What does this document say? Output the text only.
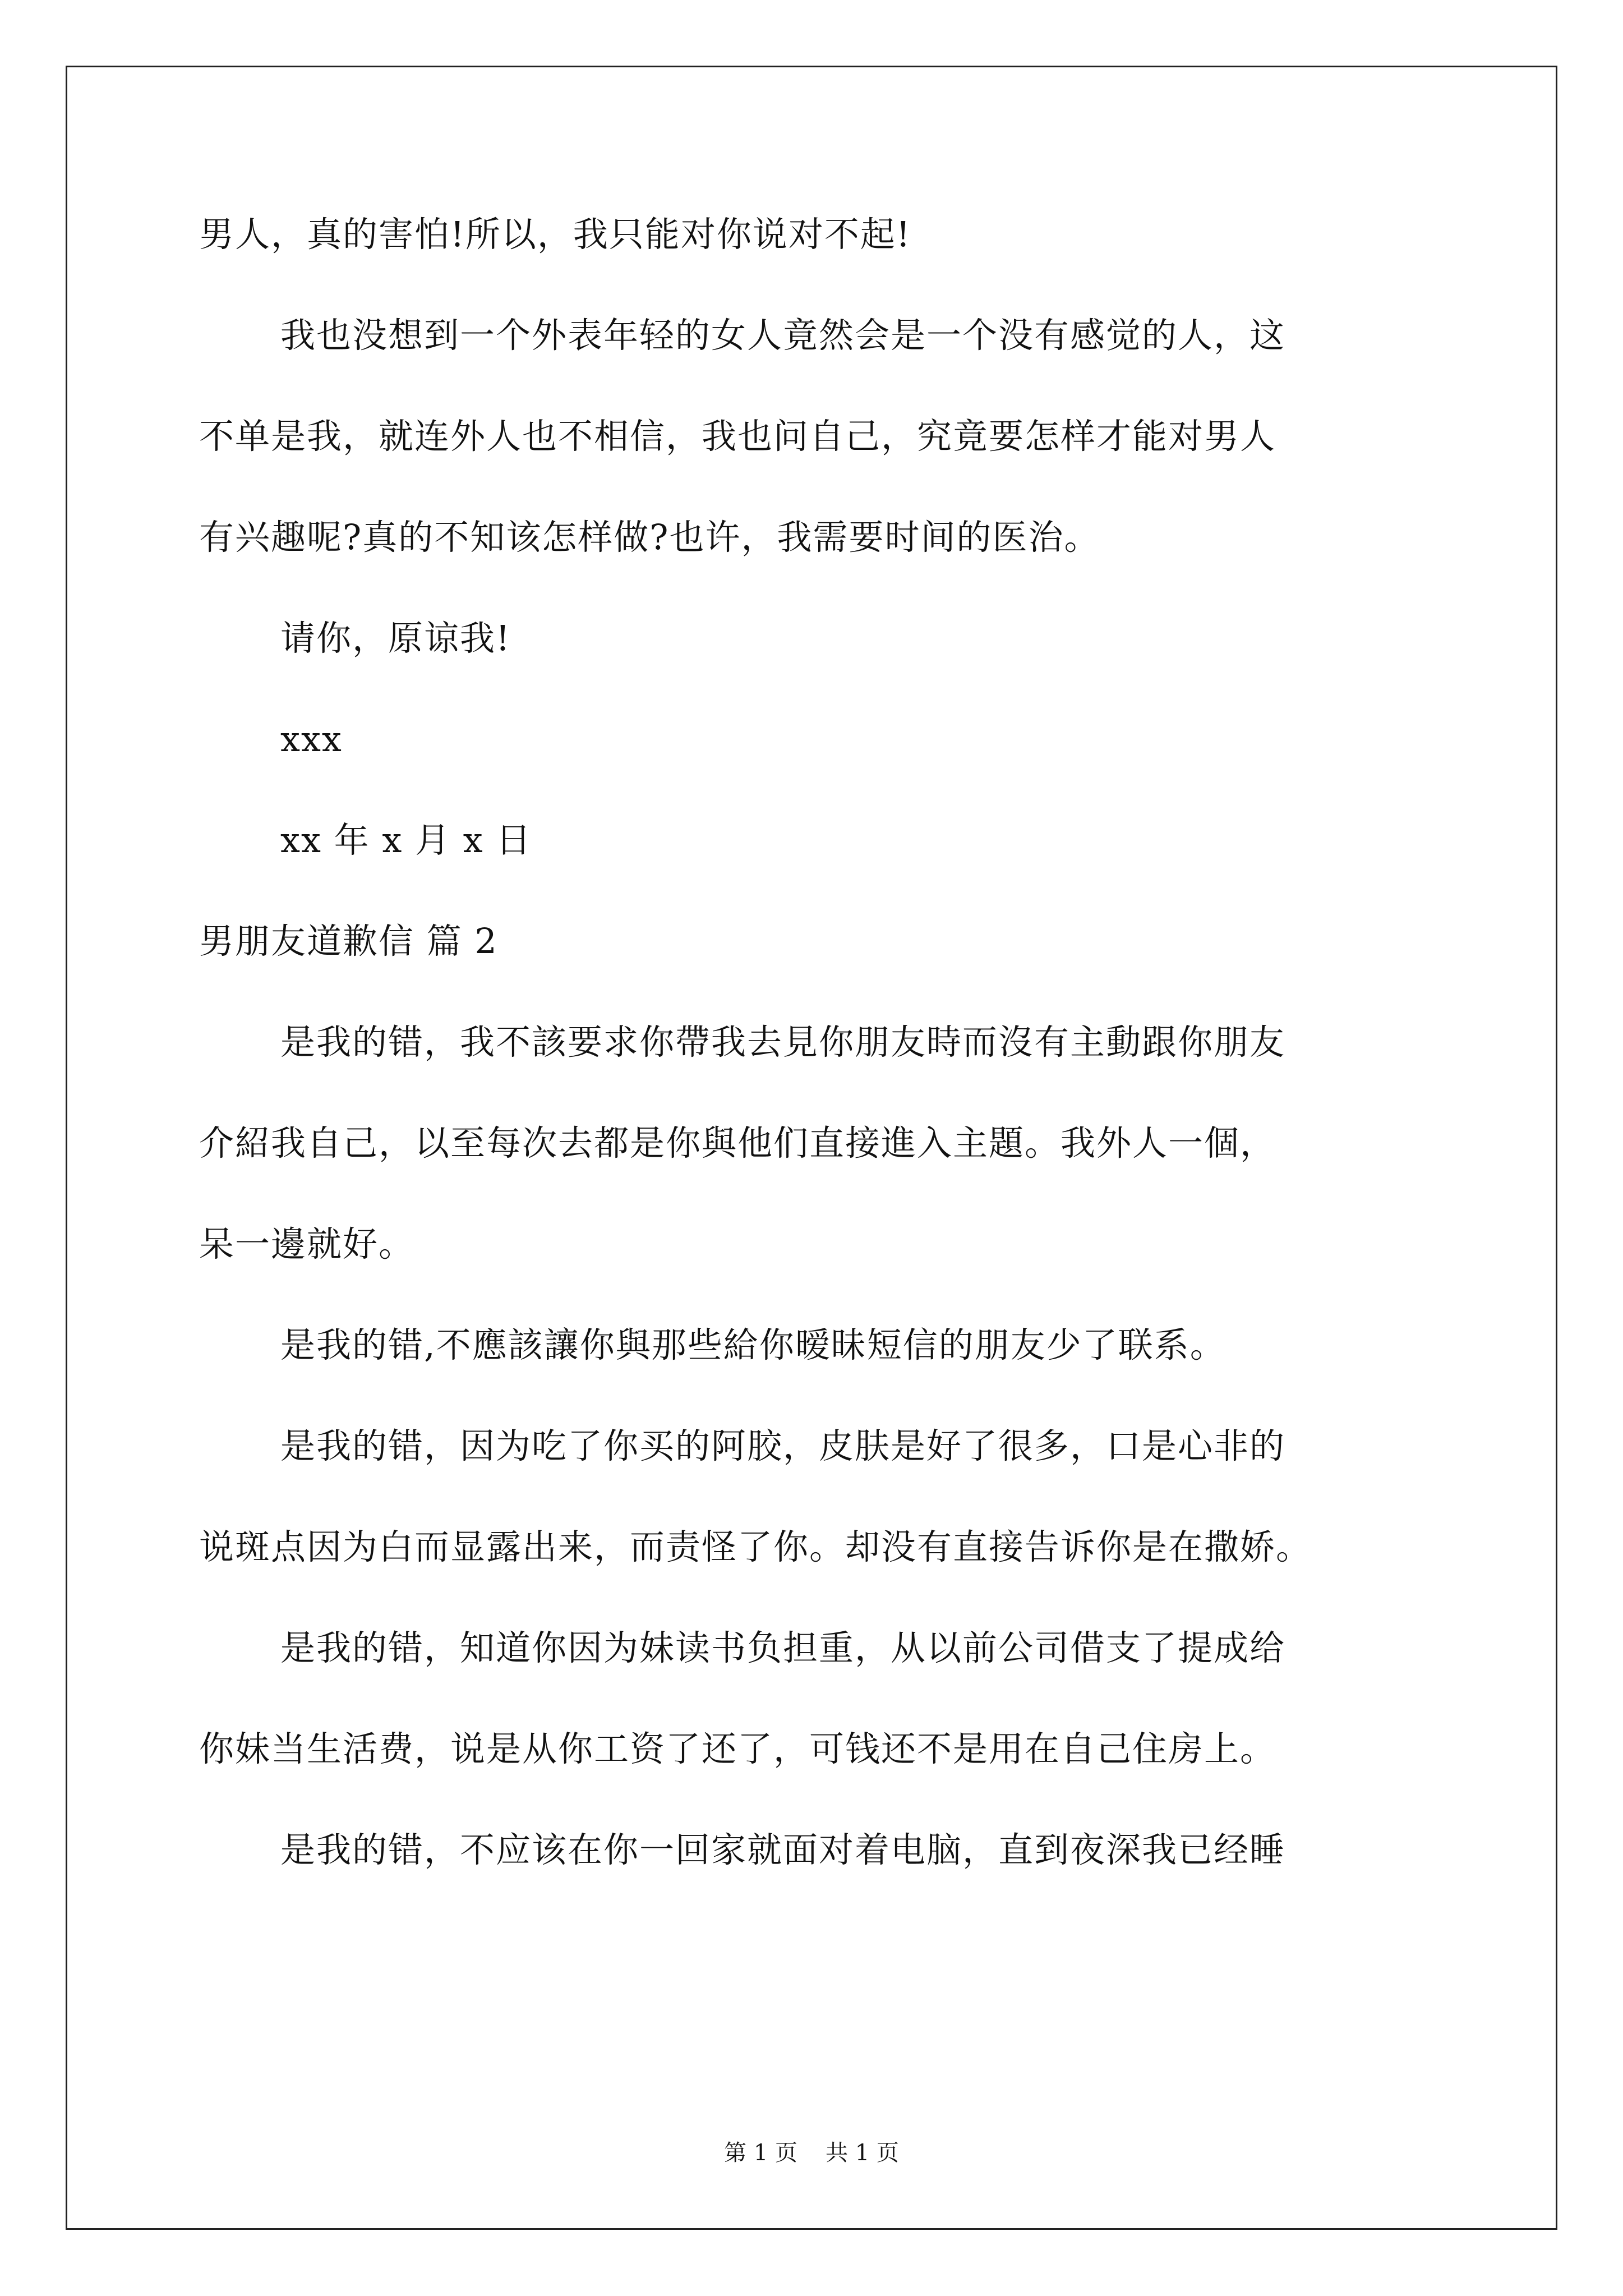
男人，真的害怕!所以，我只能对你说对不起!
我也没想到一个外表年轻的女人竟然会是一个没有感觉的人，这
不单是我，就连外人也不相信，我也问自己，究竟要怎样才能对男人
有兴趣呢?真的不知该怎样做?也许，我需要时间的医治。
请你，原谅我!
xxx
xx 年 x 月 x 日
男朋友道歉信 篇 2
是我的错，我不該要求你帶我去見你朋友時而沒有主動跟你朋友
介紹我自己，以至每次去都是你與他们直接進入主題。我外人一個，
呆一邊就好。
是我的错,不應該讓你與那些給你暧昧短信的朋友少了联系。
是我的错，因为吃了你买的阿胶，皮肤是好了很多，口是心非的
说斑点因为白而显露出来，而责怪了你。却没有直接告诉你是在撒娇。
是我的错，知道你因为妹读书负担重，从以前公司借支了提成给
你妹当生活费，说是从你工资了还了，可钱还不是用在自己住房上。
是我的错，不应该在你一回家就面对着电脑，直到夜深我已经睡
第 1 页 共 1 页
